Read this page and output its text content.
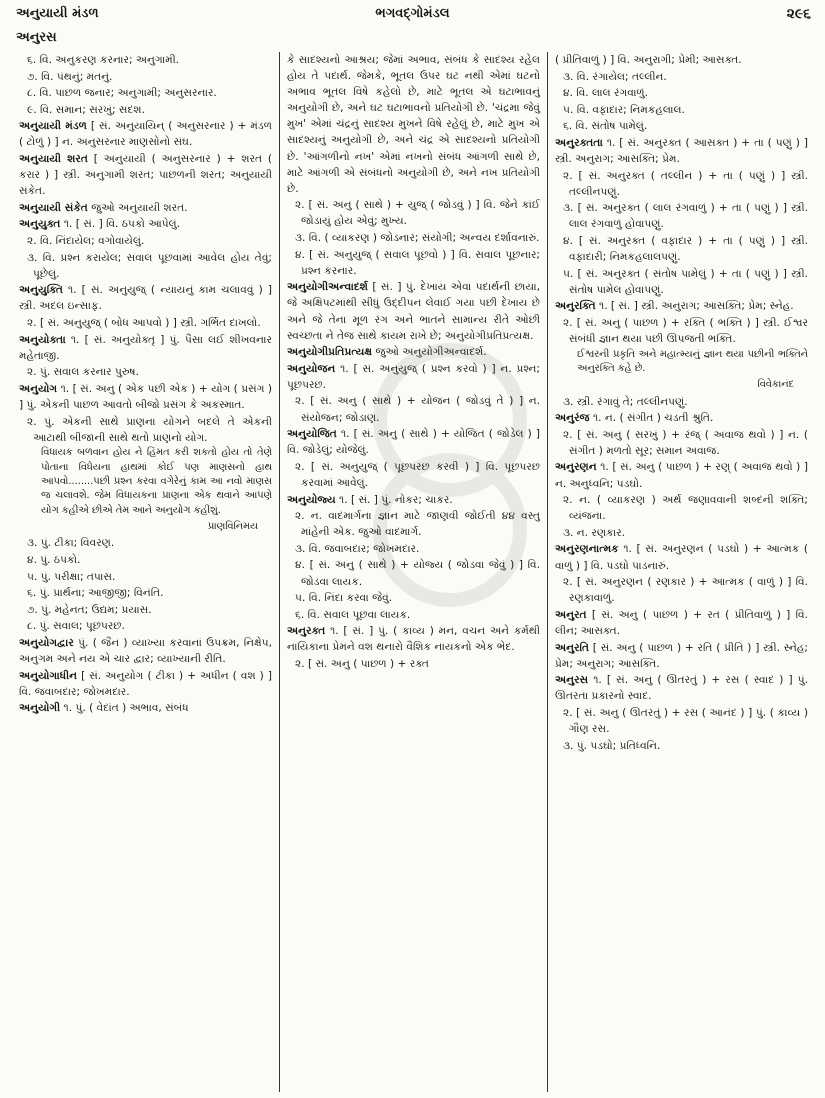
અનુયાયી મંડળ
અનુરસ
ભગવદ્ગોમંડલ	૨૯૬
૬. વિ. અનુકરણ કરનાર; અનુગામી.
૭. વિ. પંથનું; મતનું.
૮. વિ. પાછળ જનાર; અનુગામી; અનુસરનાર.
૯. વિ. સમાન; સરખું; સદશ.
અનુયાયી મંડળ [ સં. અનુયાયિન્ ( અનુસરનાર ) + મંડળ ( ટોળું ) ] ન. અનુસરનાર માણસોનો સંઘ.
અનુયાયી શરત [ અનુયાયી ( અનુસરનાર ) + શરત ( કરાર ) ] સ્ત્રી. અનુગામી શરત; પાછળની શરત; અનુયાયી સંકેત.
અનુયાયી સંકેત જુઓ અનુયાયી શરત.
અનુયુક્ત ૧. [ સં. ] વિ. ઠપકો આપેલું.
૨. વિ. નિંદાયેલ; વગોવાયેલું.
૩. વિ. પ્રશ્ન કરાયેલ; સવાલ પૂછવામાં આવેલ હોય તેવું; પૂછેલું.
અનુયુક્તિ ૧. [ સં. અનુયુજ્ ( ન્યાયનું કામ ચલાવવું ) ] સ્ત્રી. અદલ ઇન્સાફ.
૨. [ સં. અનુયુજ્ ( બોધ આપવો ) ] સ્ત્રી. ગર્ભિત દાખલો.
અનુયોક્તા ૧. [ સં. અનુયોક્તૃ ] પું. પૈસા લઈ શીખવનાર મહેતાજી.
૨. પું. સવાલ કરનાર પુરુષ.
અનુયોગ ૧. [ સં. અનુ ( એક પછી એક ) + યોગ ( પ્રસંગ ) ] પું. એકની પાછળ આવતો બીજો પ્રસંગ કે અકસ્માત.
૨. પું. એકની સાથે પ્રાણના યોગને બદલે તે એકની આટાથી બીજાની સાથે થતો પ્રાણનો યોગ.
વિધાયક બળવાન હોય ને હિંમત કરી શકતો હોય તો તેણે પોતાના વિધેયના હાથમાં કોઈ પણ માણસનો હાથ આપવો........પછી પ્રશ્ન કરવા વગેરેનું કામ આ નવો માણસ જ ચલાવશે. જેમ વિધાયકના પ્રાણના એક થવાને આપણે યોગ કહીએ છીએ તેમ આને અનુયોગ કહીશું.
પ્રાણવિનિમય
૩. પું. ટીકા; વિવરણ.
૪. પું. ઠપકો.
૫. પું. પરીક્ષા; તપાસ.
૬. પું. પ્રાર્થના; આજીજી; વિનંતિ.
૭. પું. મહેનત; ઉદ્યમ; પ્રયાસ.
૮. પું. સવાલ; પૂછપરછ.
અનુયોગદ્વાર પું. ( જૈન ) વ્યાખ્યા કરવાનાં ઉપક્રમ, નિક્ષેપ, અનુગમ અને નય એ ચાર દ્વાર; વ્યાખ્યાની રીતિ.
અનુયોગાધીન [ સં. અનુયોગ ( ટીકા ) + અધીન ( વશ ) ] વિ. જવાબદાર; જોખમદાર.
અનુયોગી ૧. પું. ( વેદાંત ) અભાવ, સંબંધ
કે સાદશ્યનો આશ્રય; જેમાં અભાવ, સંબંધ કે સાદશ્ય રહેલ હોય તે પદાર્થ. જેમકે, ભૂતલ ઉપર ઘટ નથી એમાં ઘટનો અભાવ ભૂતલ વિષે કહેલો છે, માટે ભૂતલ એ ઘટાભાવનું અનુયોગી છે, અને ઘટ ઘટાભાવનો પ્રતિયોગી છે. 'ચંદ્રમા જેવું મુખ' એમાં ચંદ્રનું સાદશ્ય મુખને વિષે રહેલું છે, માટે મુખ એ સાદશ્યનું અનુયોગી છે, અને ચંદ્ર એ સાદશ્યનો પ્રતિયોગી છે. 'આંગળીનો નખ' એમાં નખનો સંબંધ આંગળી સાથે છે, માટે આંગળી એ સંબંધનો અનુયોગી છે, અને નખ પ્રતિયોગી છે.
૨. [ સં. અનુ ( સાથે ) + યુજ્ ( જોડવું ) ] વિ. જેને કાંઈ જોડાયું હોય એવું; મુખ્ય.
૩. વિ. ( વ્યાકરણ ) જોડનાર; સંયોગી; અન્વય દર્શાવનારું.
૪. [ સં. અનુયુજ્ ( સવાલ પૂછવો ) ] વિ. સવાલ પૂછનાર; પ્રશ્ન કરનાર.
અનુયોગીઅન્વાદર્શ [ સં. ] પું. દેખાય એવા પદાર્થની છાયા, જે અક્ષિપટમાંથી સીધું ઉદ્દીપન લેવાઈ ગયા પછી દેખાય છે અને જે તેના મૂળ રંગ અને ભાતને સામાન્ય રીતે ઓછી સ્વચ્છતા ને તેજ સાથે કાયમ રાખે છે; અનુયોગીપ્રતિપ્રત્યક્ષ.
અનુયોગીપ્રતિપ્રત્યક્ષ જુઓ અનુયોગીઅન્વાદર્શ.
અનુયોજન ૧. [ સં. અનુયુજ્ ( પ્રશ્ન કરવો ) ] ન. પ્રશ્ન; પૂછપરછ.
૨. [ સં. અનુ ( સાથે ) + યોજન ( જોડવું તે ) ] ન. સંયોજન; જોડાણ.
અનુયોજિત ૧. [ સં. અનુ ( સાથે ) + યોજિત ( જોડેલ ) ] વિ. જોડેલું; યોજેલું.
૨. [ સં. અનુયુજ્ ( પૂછપરછ કરવી ) ] વિ. પૂછપરછ કરવામાં આવેલું.
અનુયોજ્ય ૧. [ સં. ] પું. નોકર; ચાકર.
૨. ન. વાદમાર્ગના જ્ઞાન માટે જાણવી જોઈતી ૪૪ વસ્તુ માંહેની એક. જુઓ વાદમાર્ગ.
૩. વિ. જવાબદાર; જોખમદાર.
૪. [ સં. અનુ ( સાથે ) + યોજ્ય ( જોડવા જેવું ) ] વિ. જોડવા લાયક.
૫. વિ. નિંદા કરવા જેવું.
૬. વિ. સવાલ પૂછવા લાયક.
અનુરક્ત ૧. [ સં. ] પું. ( કાવ્ય ) મન, વચન અને કર્મથી નાયિકાના પ્રેમને વશ થનારો વૈશિક નાયકનો એક ભેદ.
૨. [ સં. અનુ ( પાછળ ) + રક્ત
( પ્રીતિવાળું ) ] વિ. અનુરાગી; પ્રેમી; આસક્ત.
૩. વિ. રંગાયેલ; તલ્લીન.
૪. વિ. લાલ રંગવાળું.
૫. વિ. વફાદાર; નિમકહલાલ.
૬. વિ. સંતોષ પામેલું.
અનુરક્તતા ૧. [ સં. અનુરક્ત ( આસક્ત ) + તા ( પણું ) ] સ્ત્રી. અનુરાગ; આસક્તિ; પ્રેમ.
૨. [ સં. અનુરક્ત ( તલ્લીન ) + તા ( પણું ) ] સ્ત્રી. તલ્લીનપણું.
૩. [ સં. અનુરક્ત ( લાલ રંગવાળું ) + તા ( પણું ) ] સ્ત્રી. લાલ રંગવાળું હોવાપણું.
૪. [ સં. અનુરક્ત ( વફાદાર ) + તા ( પણું ) ] સ્ત્રી. વફાદારી; નિમકહલાલપણું.
૫. [ સં. અનુરક્ત ( સંતોષ પામેલું ) + તા ( પણું ) ] સ્ત્રી. સંતોષ પામેલ હોવાપણું.
અનુરક્તિ ૧. [ સં. ] સ્ત્રી. અનુરાગ; આસક્તિ; પ્રેમ; સ્નેહ.
૨. [ સં. અનુ ( પાછળ ) + રક્તિ ( ભક્તિ ) ] સ્ત્રી. ઈશ્વર સંબંધી જ્ઞાન થયા પછી ઊપજતી ભક્તિ.
ઈશ્વરની પ્રકૃતિ અને મહાત્મ્યનું જ્ઞાન થયા પછીની ભક્તિને અનુરક્તિ કહે છે.
વિવેકાનંદ
૩. સ્ત્રી. રંગાવું તે; તલ્લીનપણું.
અનુરંજ ૧. ન. ( સંગીત ) ચડતી શ્રુતિ.
૨. [ સં. અનુ ( સરખું ) + રંજ્ ( અવાજ થવો ) ] ન. ( સંગીત ) મળતો સૂર; સમાન અવાજ.
અનુરણન ૧. [ સં. અનુ ( પાછળ ) + રણ્ ( અવાજ થવો ) ] ન. અનુધ્વનિ; પડઘો.
૨. ન. ( વ્યાકરણ ) અર્થ જણાવવાની શબ્દની શક્તિ; વ્યંજના.
૩. ન. રણકાર.
અનુરણનાત્મક ૧. [ સં. અનુરણન ( પડઘો ) + આત્મક ( વાળું ) ] વિ. પડઘો પાડનારું.
૨. [ સં. અનુરણન ( રણકાર ) + આત્મક ( વાળું ) ] વિ. રણકાવાળું.
અનુરત [ સં. અનુ ( પાછળ ) + રત ( પ્રીતિવાળું ) ] વિ. લીન; આસક્ત.
અનુરતિ [ સં. અનુ ( પાછળ ) + રતિ ( પ્રીતિ ) ] સ્ત્રી. સ્નેહ; પ્રેમ; અનુરાગ; આસક્તિ.
અનુરસ ૧. [ સં. અનુ ( ઊતરતું ) + રસ ( સ્વાદ ) ] પું. ઊતરતા પ્રકારનો સ્વાદ.
૨. [ સં. અનુ ( ઊતરતું ) + રસ ( આનંદ ) ] પું. ( કાવ્ય ) ગૌણ રસ.
૩. પું. પડઘો; પ્રતિધ્વનિ.
